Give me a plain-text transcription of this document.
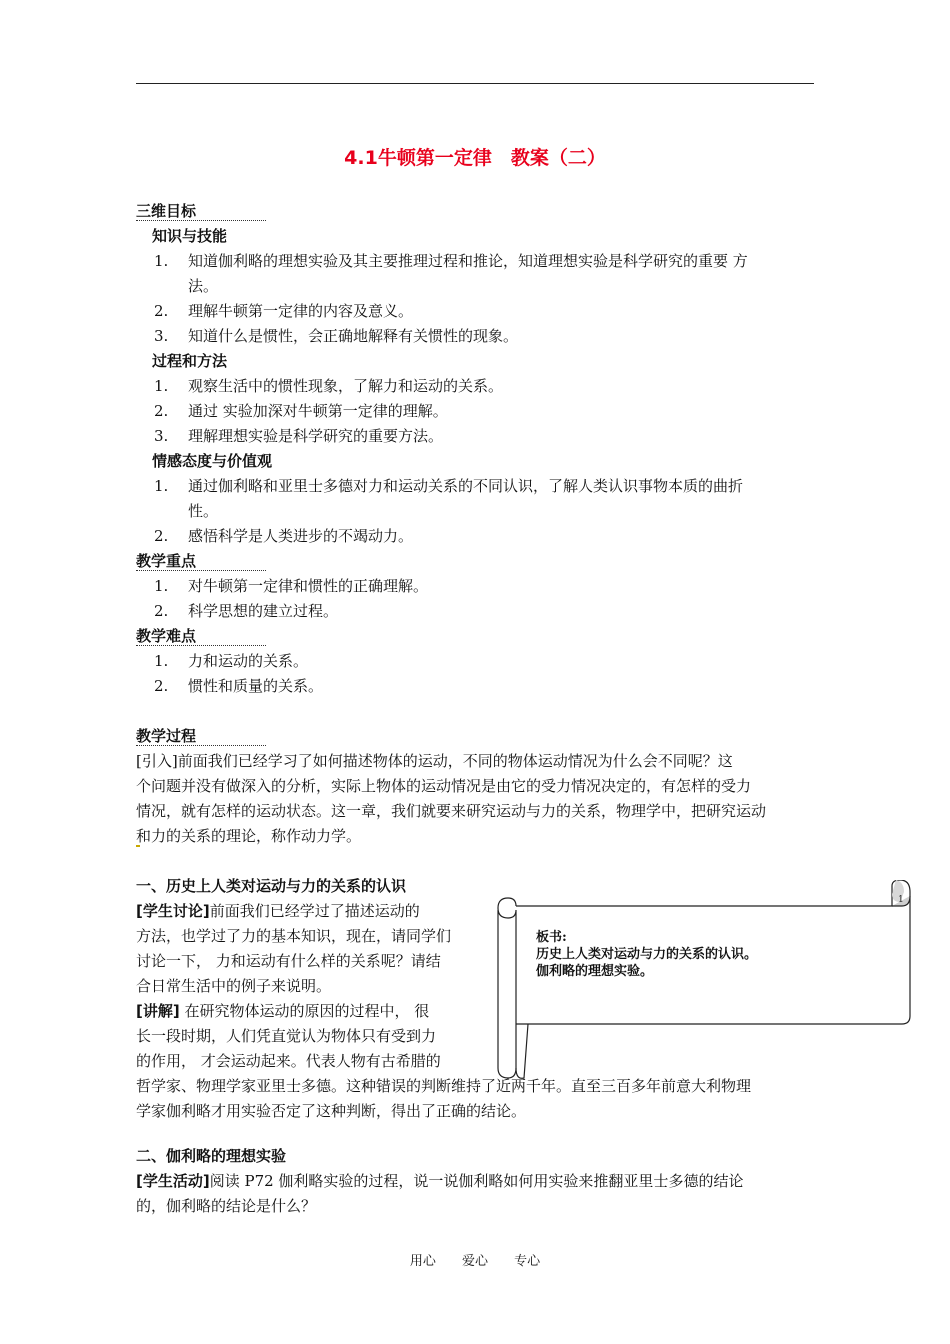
4.1牛顿第一定律　教案（二）
三维目标
知识与技能
1. 知道伽利略的理想实验及其主要推理过程和推论，知道理想实验是科学研究的重要 方
法。
2. 理解牛顿第一定律的内容及意义。
3. 知道什么是惯性，会正确地解释有关惯性的现象。
过程和方法
1. 观察生活中的惯性现象，了解力和运动的关系。
2. 通过 实验加深对牛顿第一定律的理解。
3. 理解理想实验是科学研究的重要方法。
情感态度与价值观
1. 通过伽利略和亚里士多德对力和运动关系的不同认识，了解人类认识事物本质的曲折
性。
2. 感悟科学是人类进步的不竭动力。
教学重点
1. 对牛顿第一定律和惯性的正确理解。
2. 科学思想的建立过程。
教学难点
1. 力和运动的关系。
2. 惯性和质量的关系。
教学过程
[引入]前面我们已经学习了如何描述物体的运动，不同的物体运动情况为什么会不同呢？这
个问题并没有做深入的分析，实际上物体的运动情况是由它的受力情况决定的，有怎样的受力
情况，就有怎样的运动状态。这一章，我们就要来研究运动与力的关系，物理学中，把研究运动
和力的关系的理论，称作动力学。
一、历史上人类对运动与力的关系的认识
[学生讨论]前面我们已经学过了描述运动的
方法，也学过了力的基本知识，现在，请同学们
讨论一下， 力和运动有什么样的关系呢？请结
合日常生活中的例子来说明。
[讲解] 在研究物体运动的原因的过程中， 很
长一段时期，人们凭直觉认为物体只有受到力
的作用， 才会运动起来。代表人物有古希腊的
哲学家、物理学家亚里士多德。这种错误的判断维持了近两千年。直至三百多年前意大利物理
学家伽利略才用实验否定了这种判断，得出了正确的结论。
1
板书:
历史上人类对运动与力的关系的认识。
伽利略的理想实验。
二、伽利略的理想实验
[学生活动]阅读 P72 伽利略实验的过程，说一说伽利略如何用实验来推翻亚里士多德的结论
的，伽利略的结论是什么？
用心 爱心 专心
